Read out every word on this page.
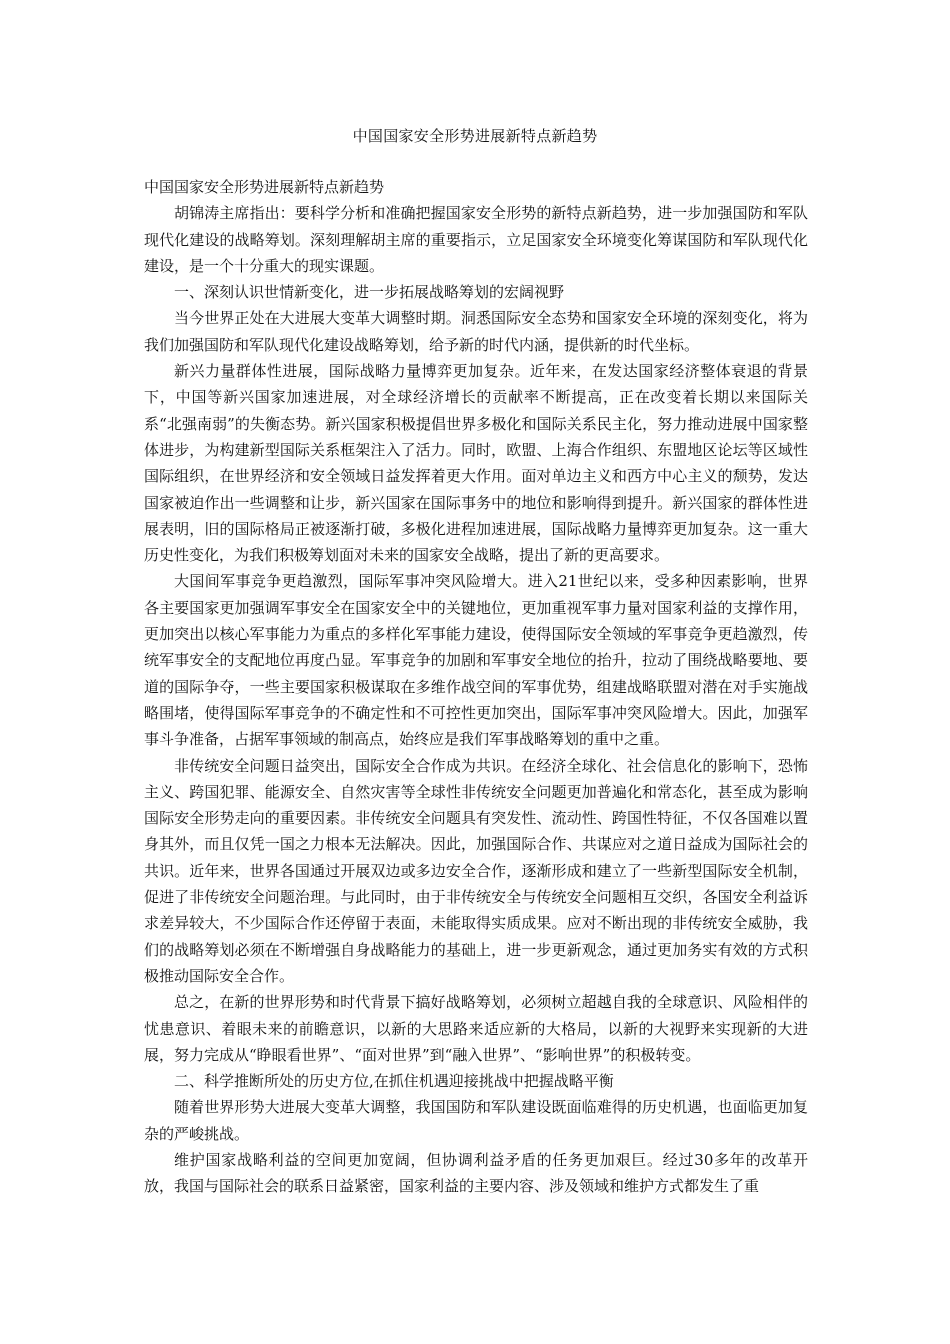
中国国家安全形势进展新特点新趋势

中国国家安全形势进展新特点新趋势

胡锦涛主席指出：要科学分析和准确把握国家安全形势的新特点新趋势，进一步加强国防和军队现代化建设的战略筹划。深刻理解胡主席的重要指示，立足国家安全环境变化筹谋国防和军队现代化建设，是一个十分重大的现实课题。

一、深刻认识世情新变化，进一步拓展战略筹划的宏阔视野

当今世界正处在大进展大变革大调整时期。洞悉国际安全态势和国家安全环境的深刻变化，将为我们加强国防和军队现代化建设战略筹划，给予新的时代内涵，提供新的时代坐标。

新兴力量群体性进展，国际战略力量博弈更加复杂。近年来，在发达国家经济整体衰退的背景下，中国等新兴国家加速进展，对全球经济增长的贡献率不断提高，正在改变着长期以来国际关系“北强南弱”的失衡态势。新兴国家积极提倡世界多极化和国际关系民主化，努力推动进展中国家整体进步，为构建新型国际关系框架注入了活力。同时，欧盟、上海合作组织、东盟地区论坛等区域性国际组织，在世界经济和安全领域日益发挥着更大作用。面对单边主义和西方中心主义的颓势，发达国家被迫作出一些调整和让步，新兴国家在国际事务中的地位和影响得到提升。新兴国家的群体性进展表明，旧的国际格局正被逐渐打破，多极化进程加速进展，国际战略力量博弈更加复杂。这一重大历史性变化，为我们积极筹划面对未来的国家安全战略，提出了新的更高要求。

大国间军事竞争更趋激烈，国际军事冲突风险增大。进入21世纪以来，受多种因素影响，世界各主要国家更加强调军事安全在国家安全中的关键地位，更加重视军事力量对国家利益的支撑作用，更加突出以核心军事能力为重点的多样化军事能力建设，使得国际安全领域的军事竞争更趋激烈，传统军事安全的支配地位再度凸显。军事竞争的加剧和军事安全地位的抬升，拉动了围绕战略要地、要道的国际争夺，一些主要国家积极谋取在多维作战空间的军事优势，组建战略联盟对潜在对手实施战略围堵，使得国际军事竞争的不确定性和不可控性更加突出，国际军事冲突风险增大。因此，加强军事斗争准备，占据军事领域的制高点，始终应是我们军事战略筹划的重中之重。

非传统安全问题日益突出，国际安全合作成为共识。在经济全球化、社会信息化的影响下，恐怖主义、跨国犯罪、能源安全、自然灾害等全球性非传统安全问题更加普遍化和常态化，甚至成为影响国际安全形势走向的重要因素。非传统安全问题具有突发性、流动性、跨国性特征，不仅各国难以置身其外，而且仅凭一国之力根本无法解决。因此，加强国际合作、共谋应对之道日益成为国际社会的共识。近年来，世界各国通过开展双边或多边安全合作，逐渐形成和建立了一些新型国际安全机制，促进了非传统安全问题治理。与此同时，由于非传统安全与传统安全问题相互交织，各国安全利益诉求差异较大，不少国际合作还停留于表面，未能取得实质成果。应对不断出现的非传统安全威胁，我们的战略筹划必须在不断增强自身战略能力的基础上，进一步更新观念，通过更加务实有效的方式积极推动国际安全合作。

总之，在新的世界形势和时代背景下搞好战略筹划，必须树立超越自我的全球意识、风险相伴的忧患意识、着眼未来的前瞻意识，以新的大思路来适应新的大格局，以新的大视野来实现新的大进展，努力完成从“睁眼看世界”、“面对世界”到“融入世界”、“影响世界”的积极转变。

二、科学推断所处的历史方位,在抓住机遇迎接挑战中把握战略平衡

随着世界形势大进展大变革大调整，我国国防和军队建设既面临难得的历史机遇，也面临更加复杂的严峻挑战。

维护国家战略利益的空间更加宽阔，但协调利益矛盾的任务更加艰巨。经过30多年的改革开放，我国与国际社会的联系日益紧密，国家利益的主要内容、涉及领域和维护方式都发生了重
